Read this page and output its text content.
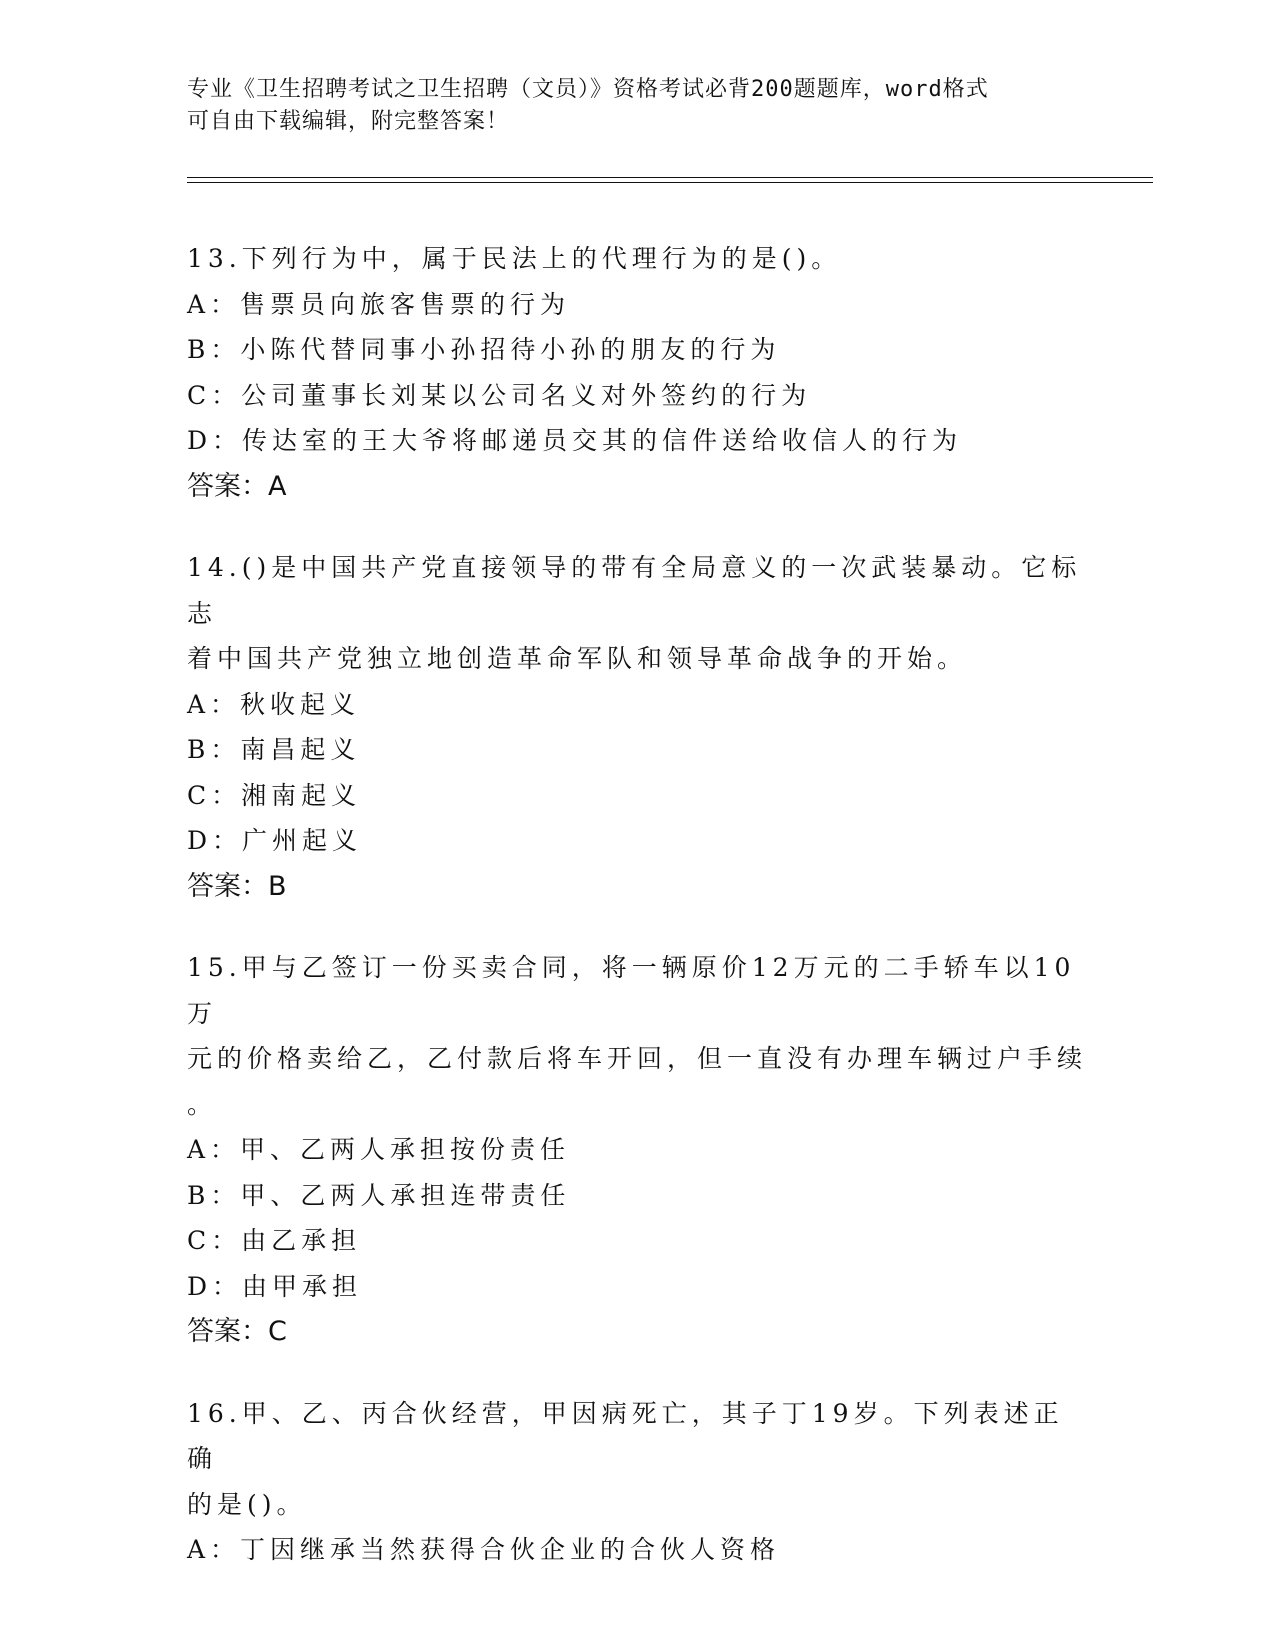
专业《卫生招聘考试之卫生招聘（文员）》资格考试必背200题题库，word格式
可自由下载编辑，附完整答案！
13.下列行为中，属于民法上的代理行为的是()。
A：售票员向旅客售票的行为
B：小陈代替同事小孙招待小孙的朋友的行为
C：公司董事长刘某以公司名义对外签约的行为
D：传达室的王大爷将邮递员交其的信件送给收信人的行为
答案：A
14.()是中国共产党直接领导的带有全局意义的一次武装暴动。它标志
着中国共产党独立地创造革命军队和领导革命战争的开始。
A：秋收起义
B：南昌起义
C：湘南起义
D：广州起义
答案：B
15.甲与乙签订一份买卖合同，将一辆原价12万元的二手轿车以10万
元的价格卖给乙，乙付款后将车开回，但一直没有办理车辆过户手续
。
A：甲、乙两人承担按份责任
B：甲、乙两人承担连带责任
C：由乙承担
D：由甲承担
答案：C
16.甲、乙、丙合伙经营，甲因病死亡，其子丁19岁。下列表述正确
的是()。
A：丁因继承当然获得合伙企业的合伙人资格
